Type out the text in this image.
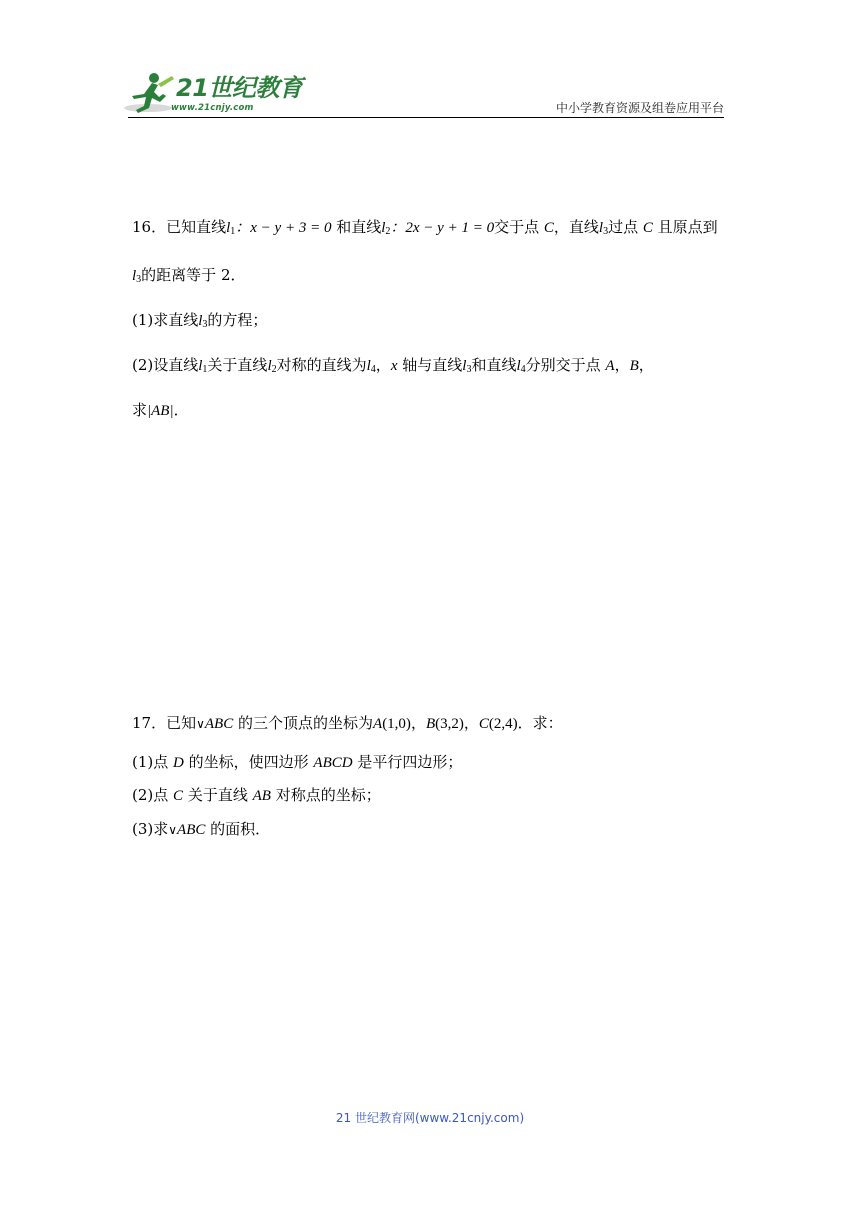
21世纪教育
www.21cnjy.com	中小学教育资源及组卷应用平台
16．已知直线$l_1$：x − y + 3 = 0 和直线$l_2$：2x − y + 1 = 0交于点 C，直线$l_3$过点 C 且原点到
$l_3$的距离等于 2．
(1)求直线$l_3$的方程；
(2)设直线$l_1$关于直线$l_2$对称的直线为$l_4$，x 轴与直线$l_3$和直线$l_4$分别交于点 A，B，
求|AB|．
17．已知∨ABC 的三个顶点的坐标为A(1,0)，B(3,2)，C(2,4)．求：
(1)点 D 的坐标，使四边形 ABCD 是平行四边形；
(2)点 C 关于直线 AB 对称点的坐标；
(3)求∨ABC 的面积．
21 世纪教育网(www.21cnjy.com)
